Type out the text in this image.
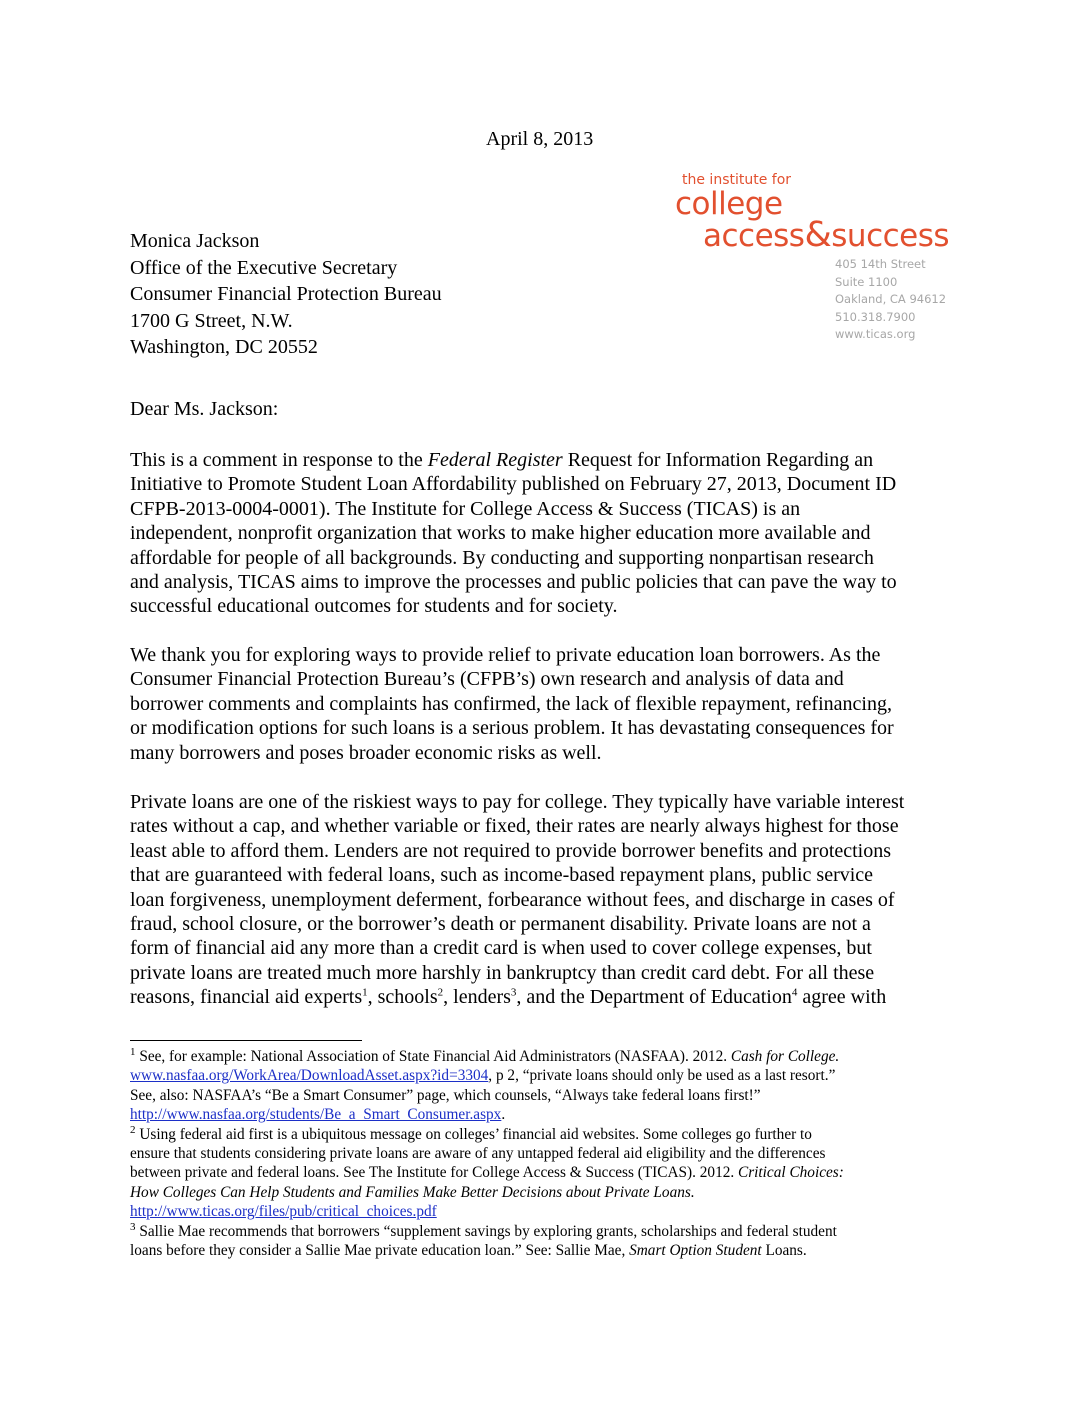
April 8, 2013
the institute for
college
access&success
405 14th Street
Suite 1100
Oakland, CA 94612
510.318.7900
www.ticas.org
Monica Jackson
Office of the Executive Secretary
Consumer Financial Protection Bureau
1700 G Street, N.W.
Washington, DC 20552
Dear Ms. Jackson:
This is a comment in response to the Federal Register Request for Information Regarding an
Initiative to Promote Student Loan Affordability published on February 27, 2013, Document ID
CFPB-2013-0004-0001). The Institute for College Access & Success (TICAS) is an
independent, nonprofit organization that works to make higher education more available and
affordable for people of all backgrounds. By conducting and supporting nonpartisan research
and analysis, TICAS aims to improve the processes and public policies that can pave the way to
successful educational outcomes for students and for society.
We thank you for exploring ways to provide relief to private education loan borrowers. As the
Consumer Financial Protection Bureau’s (CFPB’s) own research and analysis of data and
borrower comments and complaints has confirmed, the lack of flexible repayment, refinancing,
or modification options for such loans is a serious problem. It has devastating consequences for
many borrowers and poses broader economic risks as well.
Private loans are one of the riskiest ways to pay for college. They typically have variable interest
rates without a cap, and whether variable or fixed, their rates are nearly always highest for those
least able to afford them. Lenders are not required to provide borrower benefits and protections
that are guaranteed with federal loans, such as income-based repayment plans, public service
loan forgiveness, unemployment deferment, forbearance without fees, and discharge in cases of
fraud, school closure, or the borrower’s death or permanent disability. Private loans are not a
form of financial aid any more than a credit card is when used to cover college expenses, but
private loans are treated much more harshly in bankruptcy than credit card debt. For all these
reasons, financial aid experts$^1$, schools$^2$, lenders$^3$, and the Department of Education$^4$ agree with
$^1$ See, for example: National Association of State Financial Aid Administrators (NASFAA). 2012. Cash for College.
www.nasfaa.org/WorkArea/DownloadAsset.aspx?id=3304, p 2, “private loans should only be used as a last resort.”
See, also: NASFAA’s “Be a Smart Consumer” page, which counsels, “Always take federal loans first!”
http://www.nasfaa.org/students/Be_a_Smart_Consumer.aspx.
$^2$ Using federal aid first is a ubiquitous message on colleges’ financial aid websites. Some colleges go further to
ensure that students considering private loans are aware of any untapped federal aid eligibility and the differences
between private and federal loans. See The Institute for College Access & Success (TICAS). 2012. Critical Choices:
How Colleges Can Help Students and Families Make Better Decisions about Private Loans.
http://www.ticas.org/files/pub/critical_choices.pdf
$^3$ Sallie Mae recommends that borrowers “supplement savings by exploring grants, scholarships and federal student
loans before they consider a Sallie Mae private education loan.” See: Sallie Mae, Smart Option Student Loans.
